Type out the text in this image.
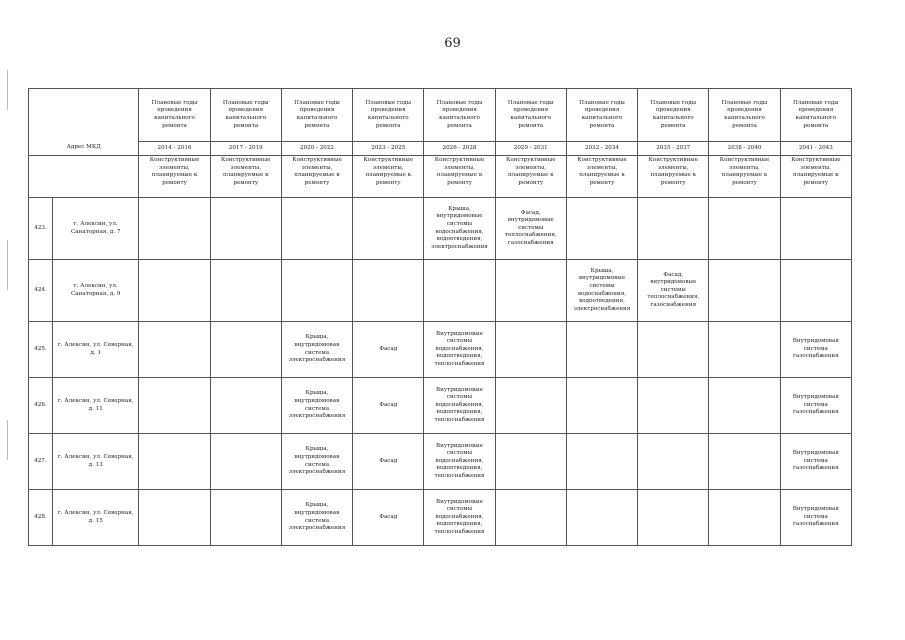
69
Адрес МКД		Плановые годы проведения капитального ремонта	Плановые годы проведения капитального ремонта	Плановые годы проведения капитального ремонта	Плановые годы проведения капитального ремонта	Плановые годы проведения капитального ремонта	Плановые годы проведения капитального ремонта	Плановые годы проведения капитального ремонта	Плановые годы проведения капитального ремонта	Плановые годы проведения капитального ремонта	Плановые годы проведения капитального ремонта
		2014 - 2016	2017 - 2019	2020 - 2022	2023 - 2025	2026 - 2028	2029 - 2031	2032 - 2034	2035 - 2037	2038 - 2040	2041 - 2043
		Конструктивные элементы, планируемые к ремонту	Конструктивные элементы, планируемые к ремонту	Конструктивные элементы, планируемые к ремонту	Конструктивные элементы, планируемые к ремонту	Конструктивные элементы, планируемые к ремонту	Конструктивные элементы, планируемые к ремонту	Конструктивные элементы, планируемые к ремонту	Конструктивные элементы, планируемые к ремонту	Конструктивные элементы, планируемые к ремонту	Конструктивные элементы, планируемые к ремонту
423.	г. Алексин, ул. Санаторная, д. 7					Крыша, внутридомовые системы водоснабжения, водоотведения, электроснабжения	Фасад, внутридомовые системы теплоснабжения, газоснабжения				
424.	г. Алексин, ул. Санаторная, д. 9							Крыша, внутридомовые системы водоснабжения, водоотведения, электроснабжения	Фасад, внутридомовые системы теплоснабжения, газоснабжения		
425.	г. Алексин, ул. Северная, д. 1			Крыша, внутридомовая система электроснабжения	Фасад	Внутридомовые системы водоснабжения, водоотведения, теплоснабжения					Внутридомовая система газоснабжения
426.	г. Алексин, ул. Северная, д. 11			Крыша, внутридомовая система электроснабжения	Фасад	Внутридомовые системы водоснабжения, водоотведения, теплоснабжения					Внутридомовая система газоснабжения
427.	г. Алексин, ул. Северная, д. 13			Крыша, внутридомовая система электроснабжения	Фасад	Внутридомовые системы водоснабжения, водоотведения, теплоснабжения					Внутридомовая система газоснабжения
428.	г. Алексин, ул. Северная, д. 15			Крыша, внутридомовая система электроснабжения	Фасад	Внутридомовые системы водоснабжения, водоотведения, теплоснабжения					Внутридомовая система газоснабжения
